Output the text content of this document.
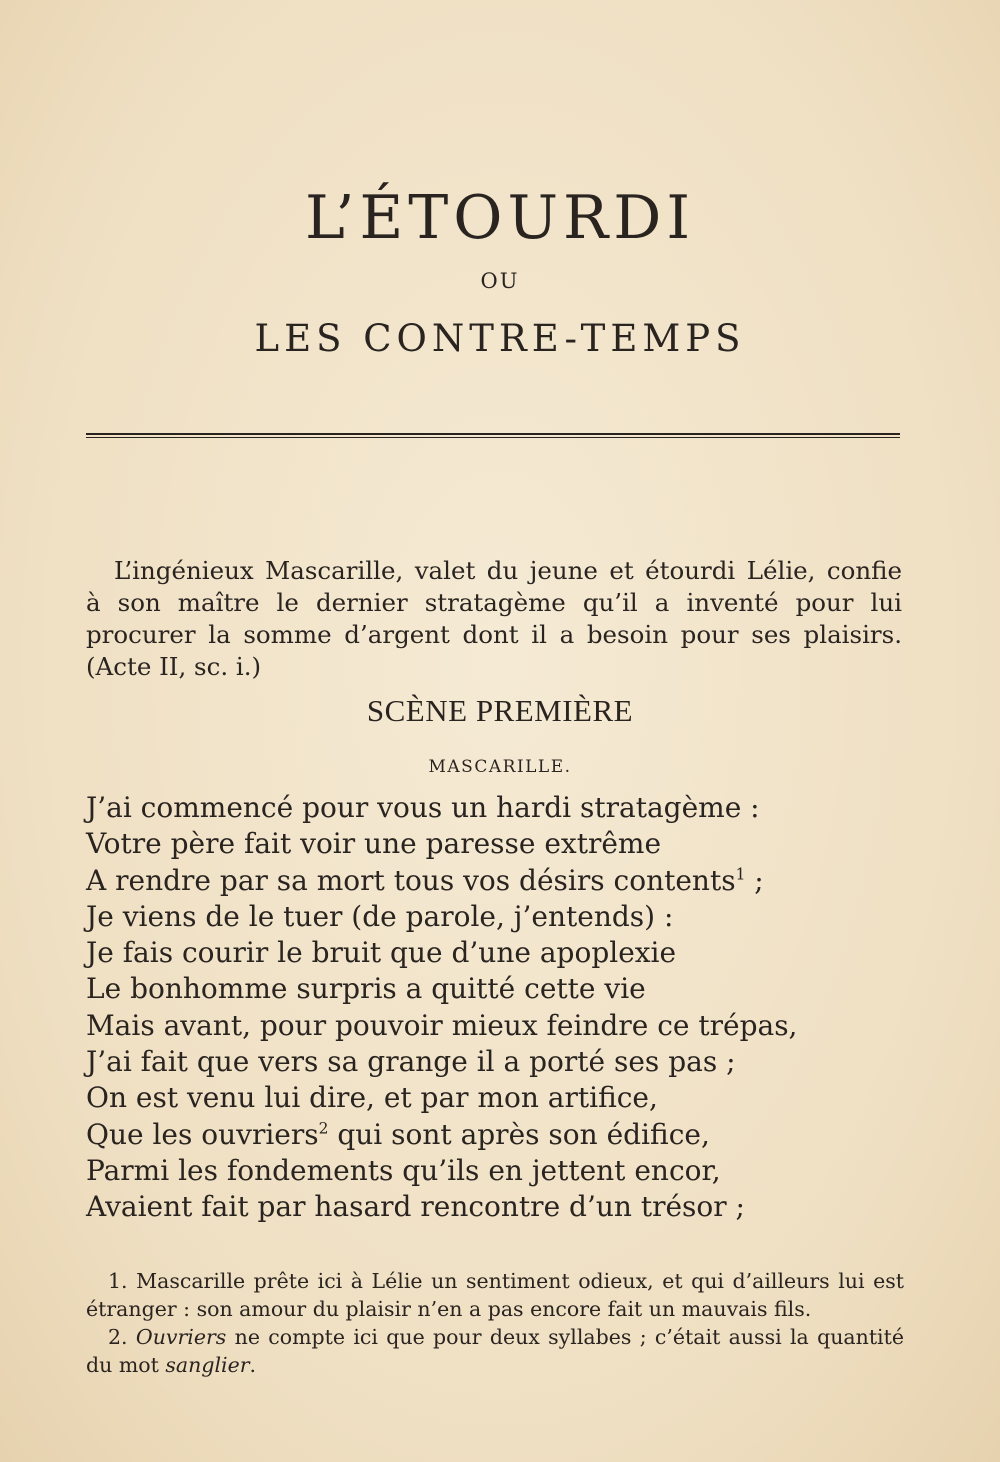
L’ÉTOURDI
OU
LES CONTRE-TEMPS
L’ingénieux Mascarille, valet du jeune et étourdi Lélie, confie
à son maître le dernier stratagème qu’il a inventé pour lui
procurer la somme d’argent dont il a besoin pour ses plaisirs.
(Acte II, sc. i.)
SCÈNE PREMIÈRE
MASCARILLE.
J’ai commencé pour vous un hardi stratagème :
Votre père fait voir une paresse extrême
A rendre par sa mort tous vos désirs contents$^1$ ;
Je viens de le tuer (de parole, j’entends) :
Je fais courir le bruit que d’une apoplexie
Le bonhomme surpris a quitté cette vie
Mais avant, pour pouvoir mieux feindre ce trépas,
J’ai fait que vers sa grange il a porté ses pas ;
On est venu lui dire, et par mon artifice,
Que les ouvriers$^2$ qui sont après son édifice,
Parmi les fondements qu’ils en jettent encor,
Avaient fait par hasard rencontre d’un trésor ;
1. Mascarille prête ici à Lélie un sentiment odieux, et qui d’ailleurs lui est étranger : son amour du plaisir n’en a pas encore fait un mauvais fils.
2. Ouvriers ne compte ici que pour deux syllabes ; c’était aussi la quantité du mot sanglier.
